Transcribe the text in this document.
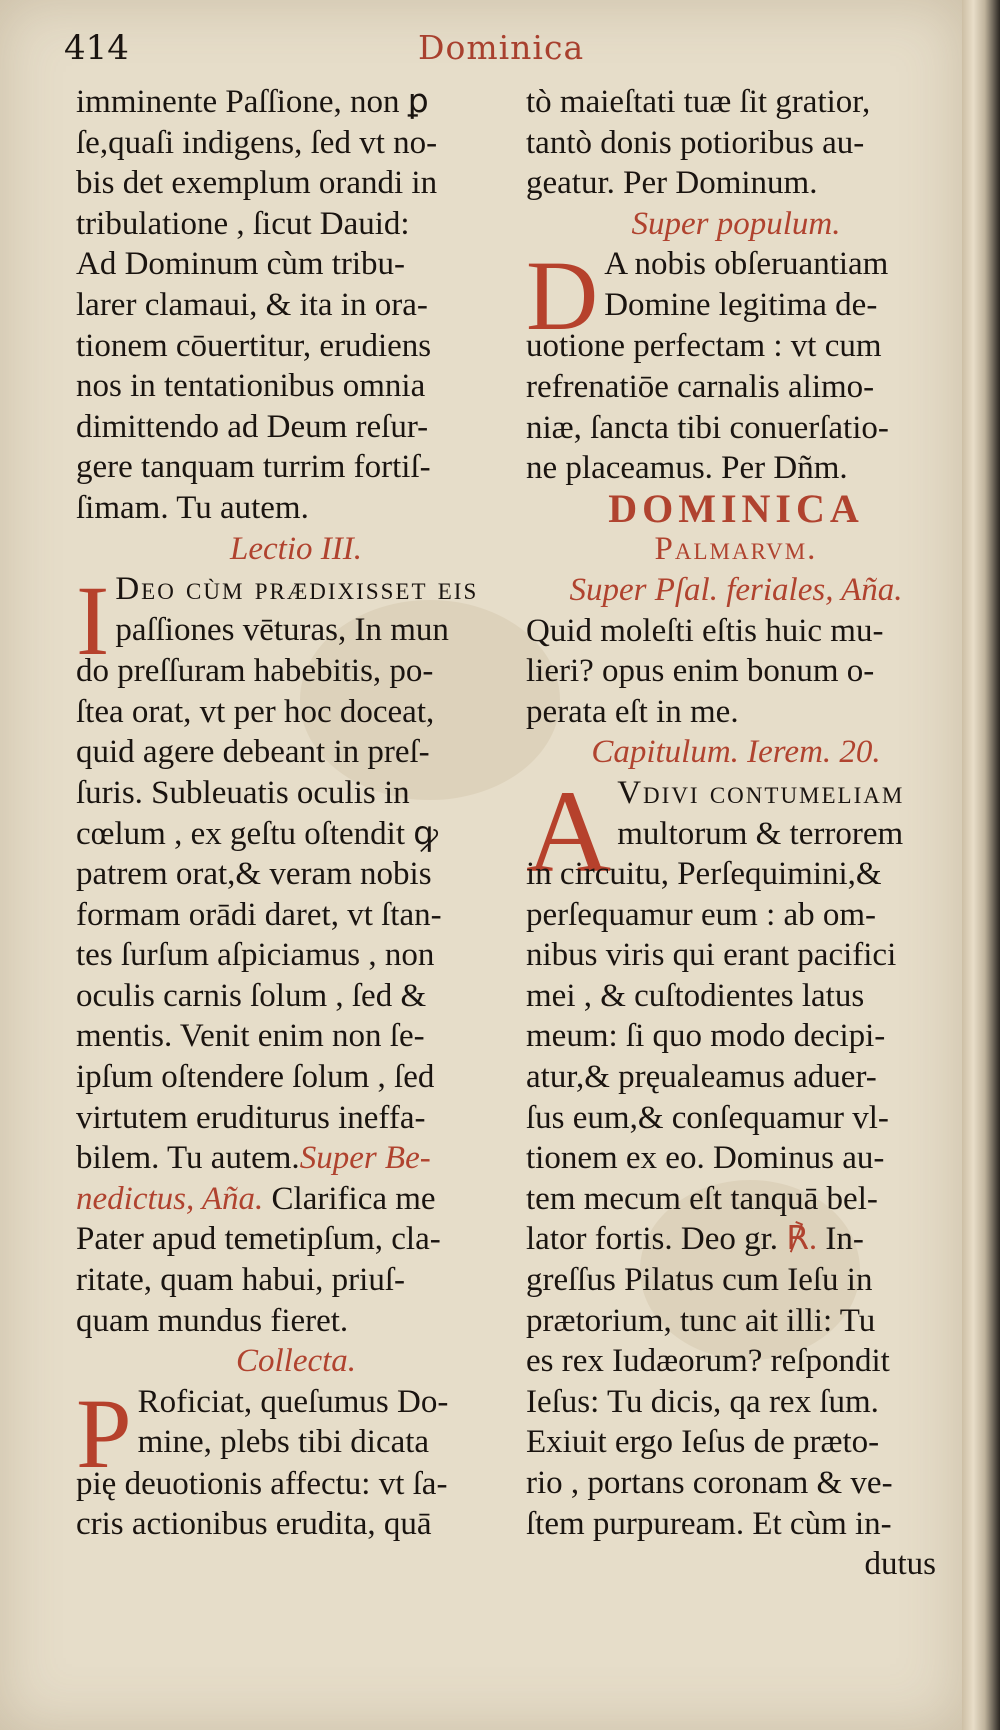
414	Dominica
imminente Paſſione, non ꝑ
ſe,quaſi indigens, ſed vt no-
bis det exemplum orandi in
tribulatione , ſicut Dauid:
Ad Dominum cùm tribu-
larer clamaui, & ita in ora-
tionem cōuertitur, erudiens
nos in tentationibus omnia
dimittendo ad Deum reſur-
gere tanquam turrim fortiſ-
ſimam. Tu autem.
Lectio III.
I Deo cùm prædixiſſet eis
paſſiones vēturas, In mun
do preſſuram habebitis, po-
ſtea orat, vt per hoc doceat,
quid agere debeant in preſ-
ſuris. Subleuatis oculis in
cœlum , ex geſtu oſtendit ꝙ
patrem orat,& veram nobis
formam orādi daret, vt ſtan-
tes ſurſum aſpiciamus , non
oculis carnis ſolum , ſed &
mentis. Venit enim non ſe-
ipſum oſtendere ſolum , ſed
virtutem eruditurus ineffa-
bilem. Tu autem.Super Be-
nedictus, Aña. Clarifica me
Pater apud temetipſum, cla-
ritate, quam habui, priuſ-
quam mundus fieret.
Collecta.
P Roficiat, queſumus Do-
mine, plebs tibi dicata
pię deuotionis affectu: vt ſa-
cris actionibus erudita, quā
tò maieſtati tuæ ſit gratior,
tantò donis potioribus au-
geatur. Per Dominum.
Super populum.
D A nobis obſeruantiam
Domine legitima de-
uotione perfectam : vt cum
refrenatiōe carnalis alimo-
niæ, ſancta tibi conuerſatio-
ne placeamus. Per Dñm.
DOMINICA
Palmarvm.
Super Pſal. feriales, Aña.
Quid moleſti eſtis huic mu-
lieri? opus enim bonum o-
perata eſt in me.
Capitulum. Ierem. 20.
A Vdivi contumeliam
multorum & terrorem
in circuitu, Perſequimini,&
perſequamur eum : ab om-
nibus viris qui erant pacifici
mei , & cuſtodientes latus
meum: ſi quo modo decipi-
atur,& pręualeamus aduer-
ſus eum,& conſequamur vl-
tionem ex eo. Dominus au-
tem mecum eſt tanquā bel-
lator fortis. Deo gr. ℟. In-
greſſus Pilatus cum Ieſu in
prætorium, tunc ait illi: Tu
es rex Iudæorum? reſpondit
Ieſus: Tu dicis, qa rex ſum.
Exiuit ergo Ieſus de præto-
rio , portans coronam & ve-
ſtem purpuream. Et cùm in-
dutus
